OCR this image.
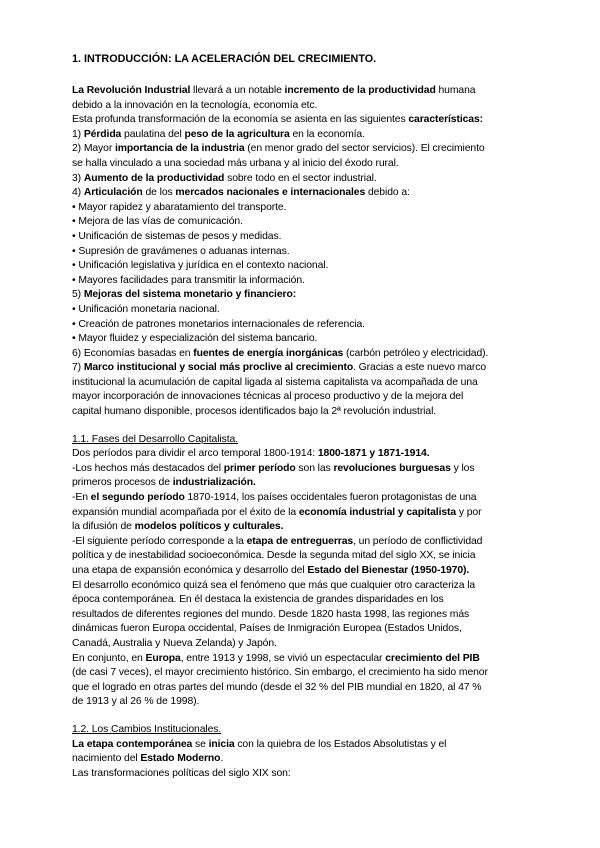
1. INTRODUCCIÓN: LA ACELERACIÓN DEL CRECIMIENTO.
La Revolución Industrial llevará a un notable incremento de la productividad humana
debido a la innovación en la tecnología, economía etc.
Esta profunda transformación de la economía se asienta en las siguientes características:
1) Pérdida paulatina del peso de la agricultura en la economía.
2) Mayor importancia de la industria (en menor grado del sector servicios). El crecimiento
se halla vinculado a una sociedad más urbana y al inicio del éxodo rural.
3) Aumento de la productividad sobre todo en el sector industrial.
4) Articulación de los mercados nacionales e internacionales debido a:
• Mayor rapidez y abaratamiento del transporte.
• Mejora de las vías de comunicación.
• Unificación de sistemas de pesos y medidas.
• Supresión de gravámenes o aduanas internas.
• Unificación legislativa y jurídica en el contexto nacional.
• Mayores facilidades para transmitir la información.
5) Mejoras del sistema monetario y financiero:
• Unificación monetaria nacional.
• Creación de patrones monetarios internacionales de referencia.
• Mayor fluidez y especialización del sistema bancario.
6) Economías basadas en fuentes de energía inorgánicas (carbón petróleo y electricidad).
7) Marco institucional y social más proclive al crecimiento. Gracias a este nuevo marco
institucional la acumulación de capital ligada al sistema capitalista va acompañada de una
mayor incorporación de innovaciones técnicas al proceso productivo y de la mejora del
capital humano disponible, procesos identificados bajo la 2ª revolución industrial.
1.1. Fases del Desarrollo Capitalista.
Dos períodos para dividir el arco temporal 1800-1914: 1800-1871 y 1871-1914.
-Los hechos más destacados del primer período son las revoluciones burguesas y los
primeros procesos de industrialización.
-En el segundo período 1870-1914, los países occidentales fueron protagonistas de una
expansión mundial acompañada por el éxito de la economía industrial y capitalista y por
la difusión de modelos políticos y culturales.
-El siguiente período corresponde a la etapa de entreguerras, un período de conflictividad
política y de inestabilidad socioeconómica. Desde la segunda mitad del siglo XX, se inicia
una etapa de expansión económica y desarrollo del Estado del Bienestar (1950-1970).
El desarrollo económico quizá sea el fenómeno que más que cualquier otro caracteriza la
época contemporánea. En él destaca la existencia de grandes disparidades en los
resultados de diferentes regiones del mundo. Desde 1820 hasta 1998, las regiones más
dinámicas fueron Europa occidental, Países de Inmigración Europea (Estados Unidos,
Canadá, Australia y Nueva Zelanda) y Japón.
En conjunto, en Europa, entre 1913 y 1998, se vivió un espectacular crecimiento del PIB
(de casi 7 veces), el mayor crecimiento histórico. Sin embargo, el crecimiento ha sido menor
que el logrado en otras partes del mundo (desde el 32 % del PIB mundial en 1820, al 47 %
de 1913 y al 26 % de 1998).
1.2. Los Cambios Institucionales.
La etapa contemporánea se inicia con la quiebra de los Estados Absolutistas y el
nacimiento del Estado Moderno.
Las transformaciones políticas del siglo XIX son:
